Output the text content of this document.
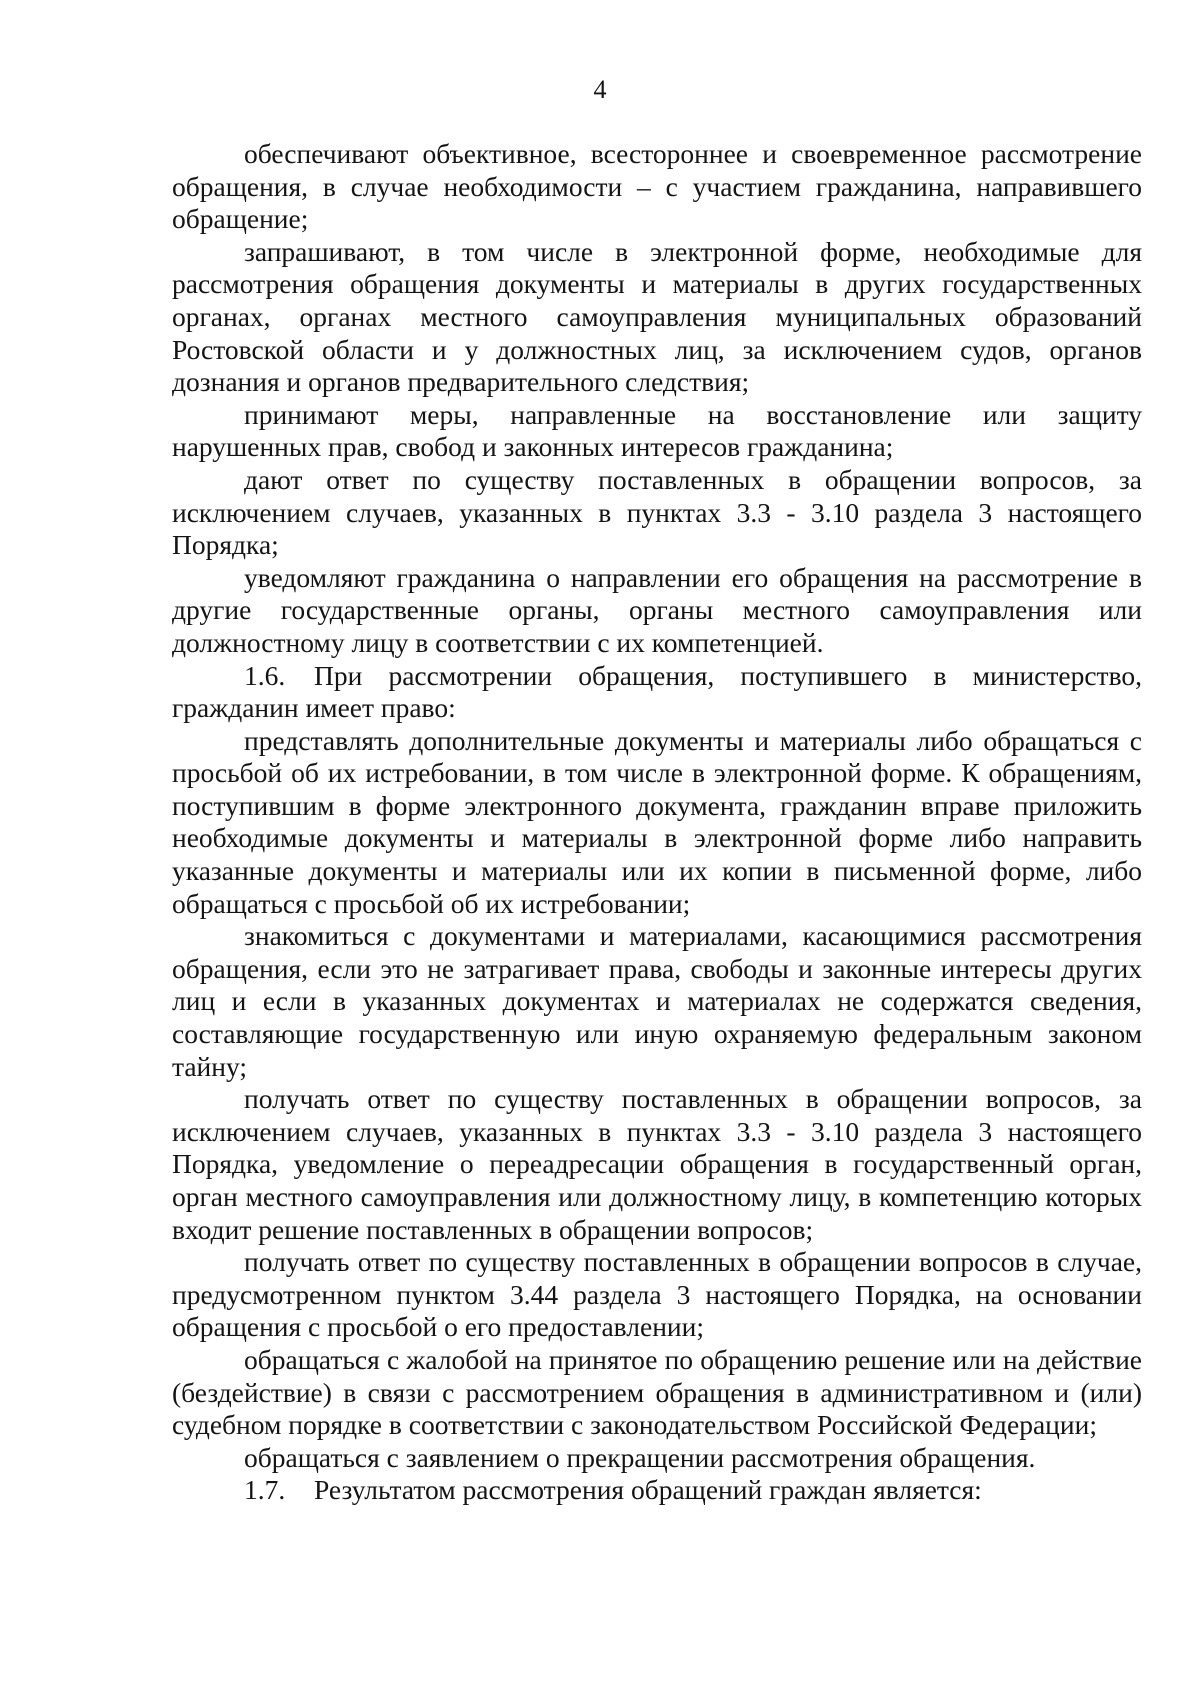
4

обеспечивают объективное, всестороннее и своевременное рассмотрение обращения, в случае необходимости – с участием гражданина, направившего обращение;

запрашивают, в том числе в электронной форме, необходимые для рассмотрения обращения документы и материалы в других государственных органах, органах местного самоуправления муниципальных образований Ростовской области и у должностных лиц, за исключением судов, органов дознания и органов предварительного следствия;

принимают меры, направленные на восстановление или защиту нарушенных прав, свобод и законных интересов гражданина;

дают ответ по существу поставленных в обращении вопросов, за исключением случаев, указанных в пунктах 3.3 - 3.10 раздела 3 настоящего Порядка;

уведомляют гражданина о направлении его обращения на рассмотрение в другие государственные органы, органы местного самоуправления или должностному лицу в соответствии с их компетенцией.

1.6. При рассмотрении обращения, поступившего в министерство, гражданин имеет право:

представлять дополнительные документы и материалы либо обращаться с просьбой об их истребовании, в том числе в электронной форме. К обращениям, поступившим в форме электронного документа, гражданин вправе приложить необходимые документы и материалы в электронной форме либо направить указанные документы и материалы или их копии в письменной форме, либо обращаться с просьбой об их истребовании;

знакомиться с документами и материалами, касающимися рассмотрения обращения, если это не затрагивает права, свободы и законные интересы других лиц и если в указанных документах и материалах не содержатся сведения, составляющие государственную или иную охраняемую федеральным законом тайну;

получать ответ по существу поставленных в обращении вопросов, за исключением случаев, указанных в пунктах 3.3 - 3.10 раздела 3 настоящего Порядка, уведомление о переадресации обращения в государственный орган, орган местного самоуправления или должностному лицу, в компетенцию которых входит решение поставленных в обращении вопросов;

получать ответ по существу поставленных в обращении вопросов в случае, предусмотренном пунктом 3.44 раздела 3 настоящего Порядка, на основании обращения с просьбой о его предоставлении;

обращаться с жалобой на принятое по обращению решение или на действие (бездействие) в связи с рассмотрением обращения в административном и (или) судебном порядке в соответствии с законодательством Российской Федерации;

обращаться с заявлением о прекращении рассмотрения обращения.

1.7. Результатом рассмотрения обращений граждан является:
